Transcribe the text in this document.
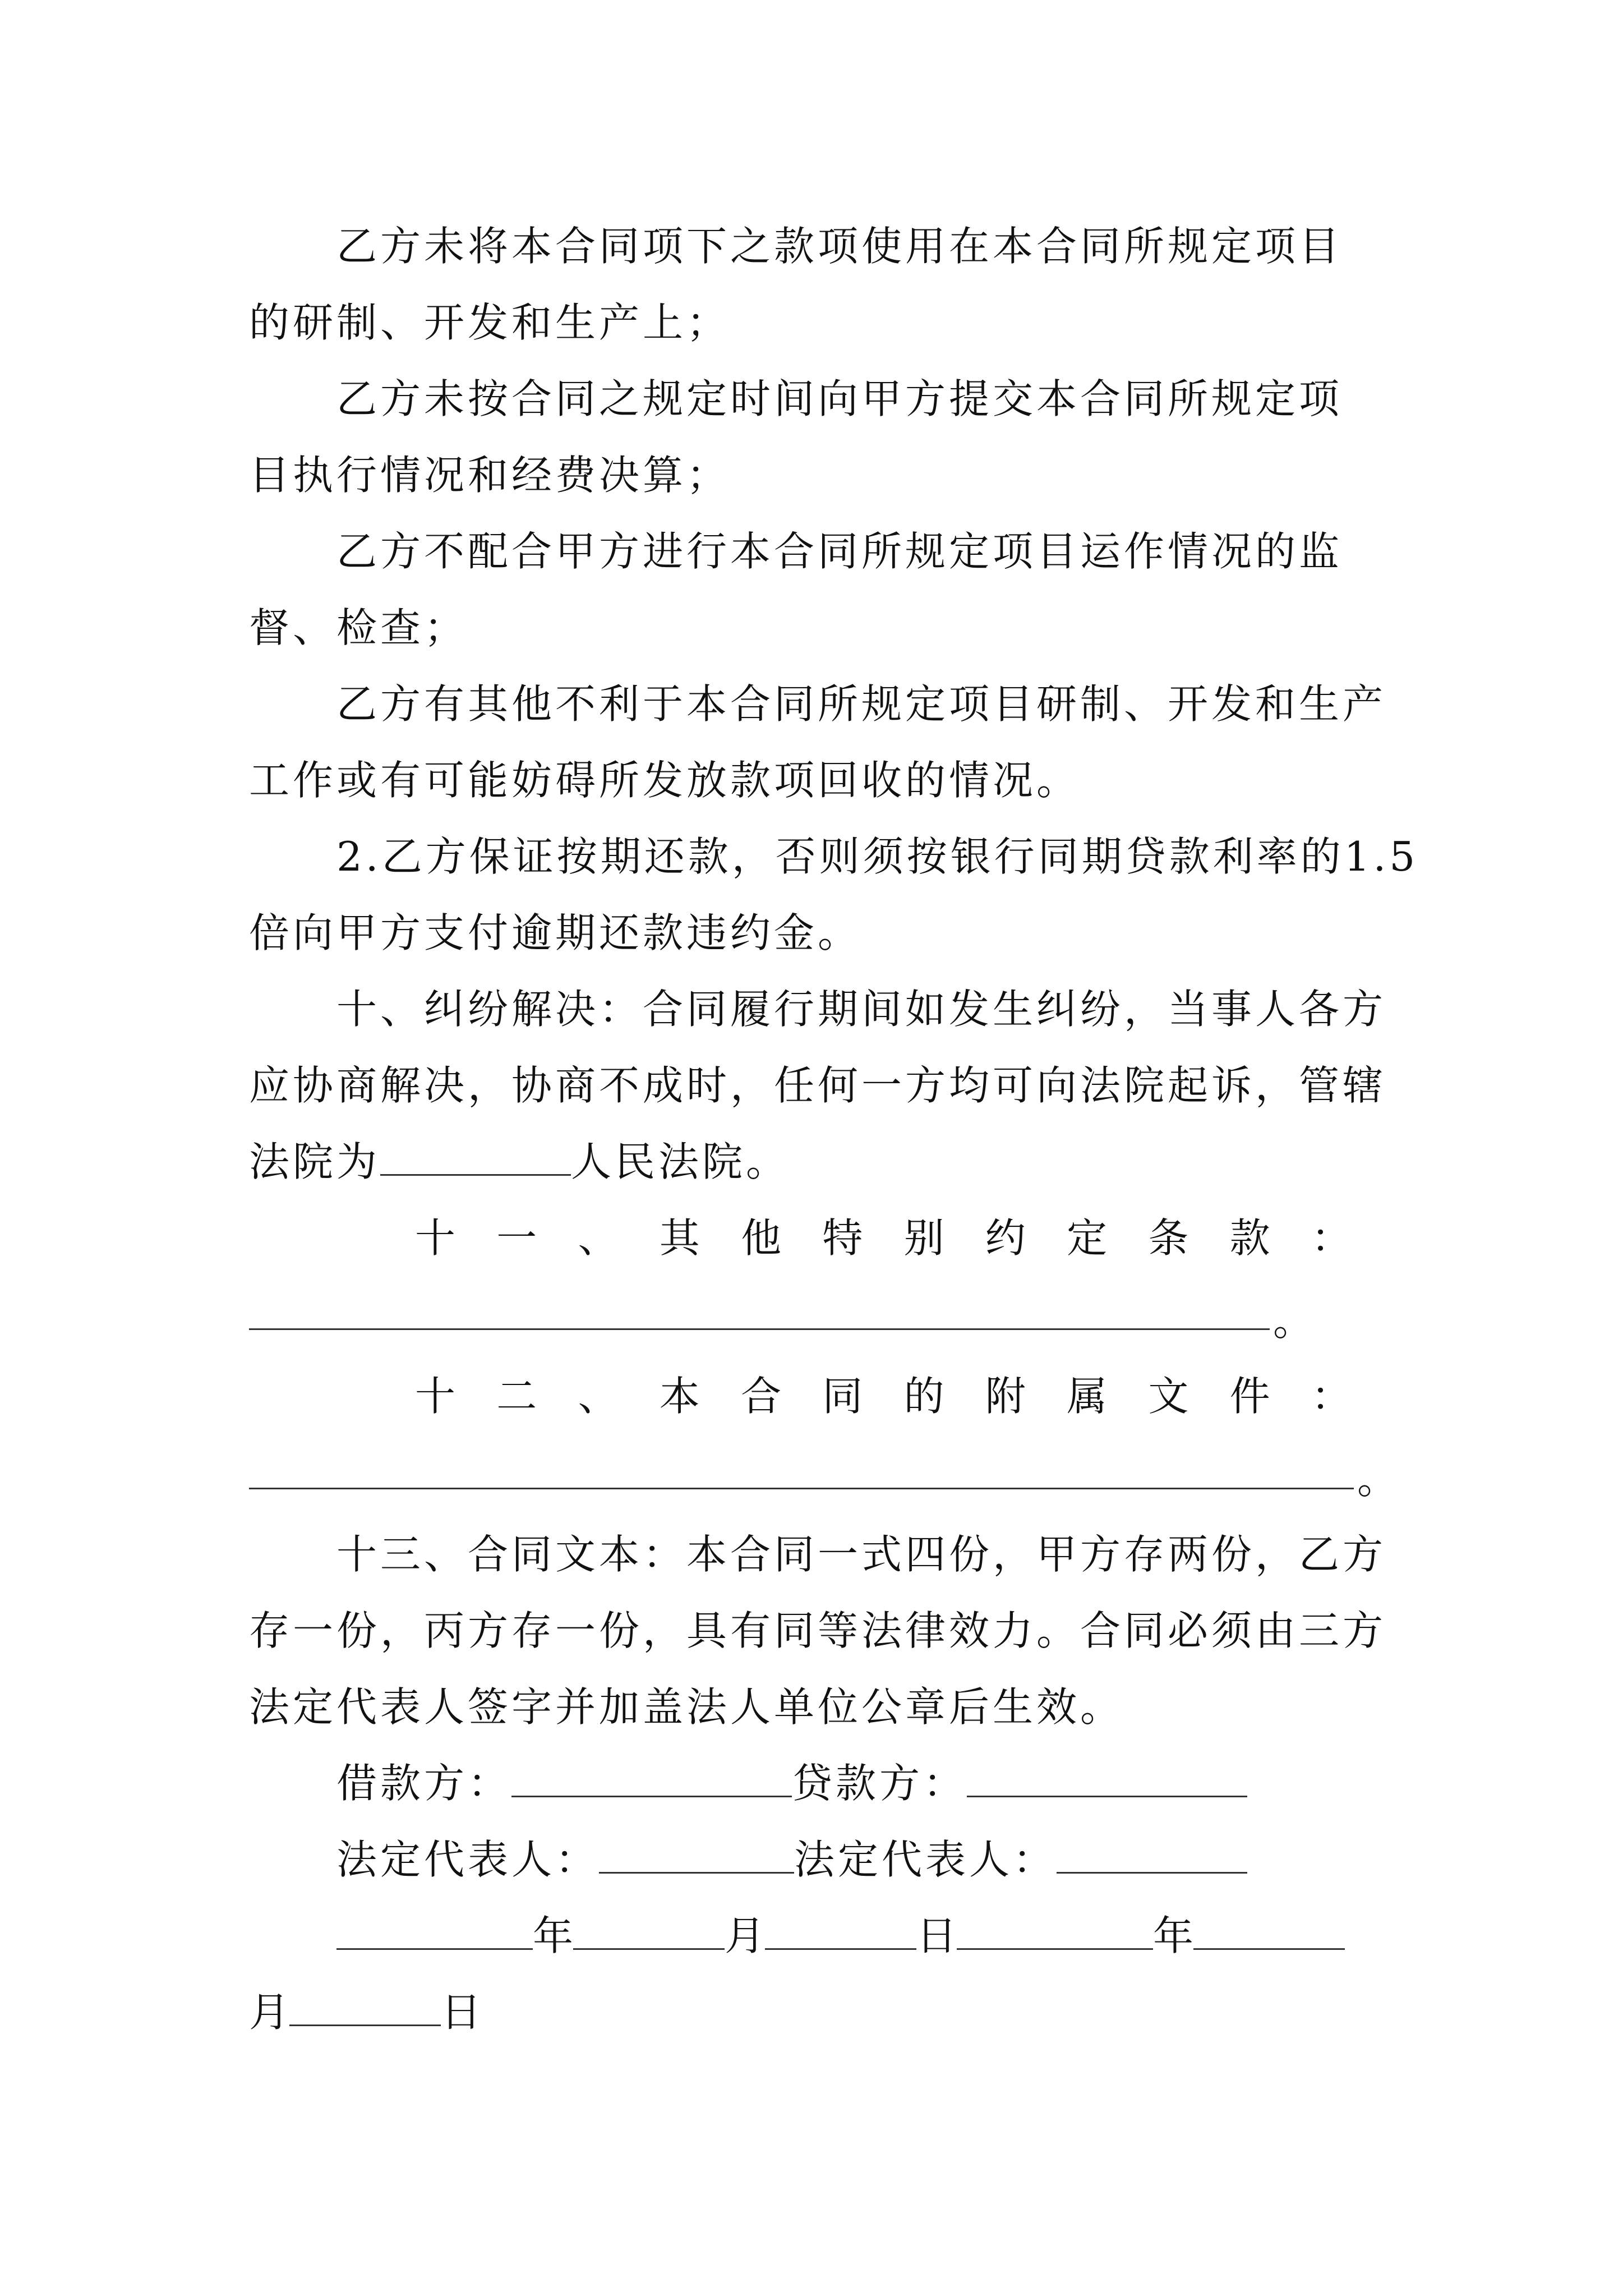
乙方未将本合同项下之款项使用在本合同所规定项目
的研制、开发和生产上；
乙方未按合同之规定时间向甲方提交本合同所规定项
目执行情况和经费决算；
乙方不配合甲方进行本合同所规定项目运作情况的监
督、检查；
乙方有其他不利于本合同所规定项目研制、开发和生产
工作或有可能妨碍所发放款项回收的情况。
2.乙方保证按期还款，否则须按银行同期贷款利率的1.5
倍向甲方支付逾期还款违约金。
十、纠纷解决：合同履行期间如发生纠纷，当事人各方
应协商解决，协商不成时，任何一方均可向法院起诉，管辖
法院为	人民法院。
十 一 、 其 他 特 别 约 定 条 款 ：
。
十 二 、 本 合 同 的 附 属 文 件 ：
。
十三、合同文本：本合同一式四份，甲方存两份，乙方
存一份，丙方存一份，具有同等法律效力。合同必须由三方
法定代表人签字并加盖法人单位公章后生效。
借款方：	贷款方：
法定代表人：	法定代表人：
年	月	日	年
月	日
